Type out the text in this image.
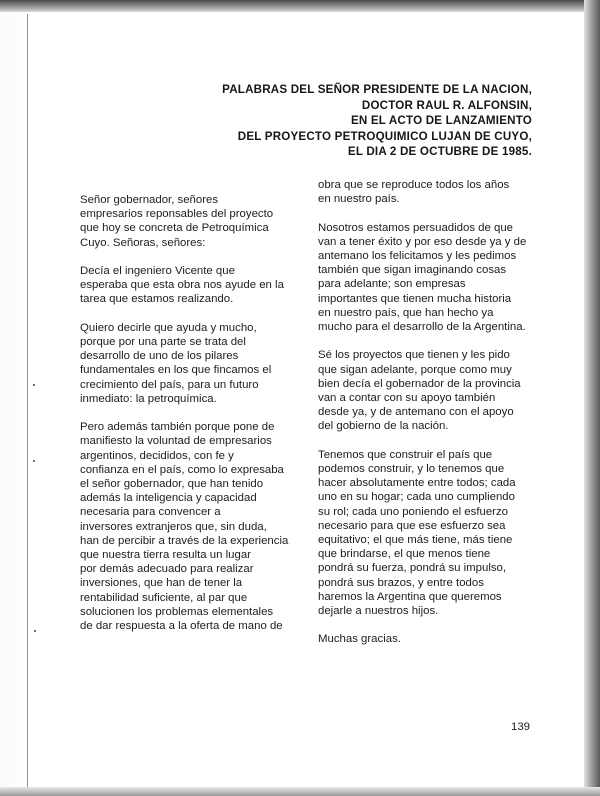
PALABRAS DEL SEÑOR PRESIDENTE DE LA NACION,
DOCTOR RAUL R. ALFONSIN,
EN EL ACTO DE LANZAMIENTO
DEL PROYECTO PETROQUIMICO LUJAN DE CUYO,
EL DIA 2 DE OCTUBRE DE 1985.

Señor gobernador, señores
empresarios reponsables del proyecto
que hoy se concreta de Petroquímica
Cuyo. Señoras, señores:

Decía el ingeniero Vicente que
esperaba que esta obra nos ayude en la
tarea que estamos realizando.

Quiero decirle que ayuda y mucho,
porque por una parte se trata del
desarrollo de uno de los pilares
fundamentales en los que fincamos el
crecimiento del país, para un futuro
inmediato: la petroquímica.

Pero además también porque pone de
manifiesto la voluntad de empresarios
argentinos, decididos, con fe y
confianza en el país, como lo expresaba
el señor gobernador, que han tenido
además la inteligencia y capacidad
necesaria para convencer a
inversores extranjeros que, sin duda,
han de percibir a través de la experiencia
que nuestra tierra resulta un lugar
por demás adecuado para realizar
inversiones, que han de tener la
rentabilidad suficiente, al par que
solucionen los problemas elementales
de dar respuesta a la oferta de mano de

obra que se reproduce todos los años
en nuestro país.

Nosotros estamos persuadidos de que
van a tener éxito y por eso desde ya y de
antemano los felicitamos y les pedimos
también que sigan imaginando cosas
para adelante; son empresas
importantes que tienen mucha historia
en nuestro país, que han hecho ya
mucho para el desarrollo de la Argentina.

Sé los proyectos que tienen y les pido
que sigan adelante, porque como muy
bien decía el gobernador de la provincia
van a contar con su apoyo también
desde ya, y de antemano con el apoyo
del gobierno de la nación.

Tenemos que construir el país que
podemos construir, y lo tenemos que
hacer absolutamente entre todos; cada
uno en su hogar; cada uno cumpliendo
su rol; cada uno poniendo el esfuerzo
necesario para que ese esfuerzo sea
equitativo; el que más tiene, más tiene
que brindarse, el que menos tiene
pondrá su fuerza, pondrá su impulso,
pondrá sus brazos, y entre todos
haremos la Argentina que queremos
dejarle a nuestros hijos.

Muchas gracias.

139
